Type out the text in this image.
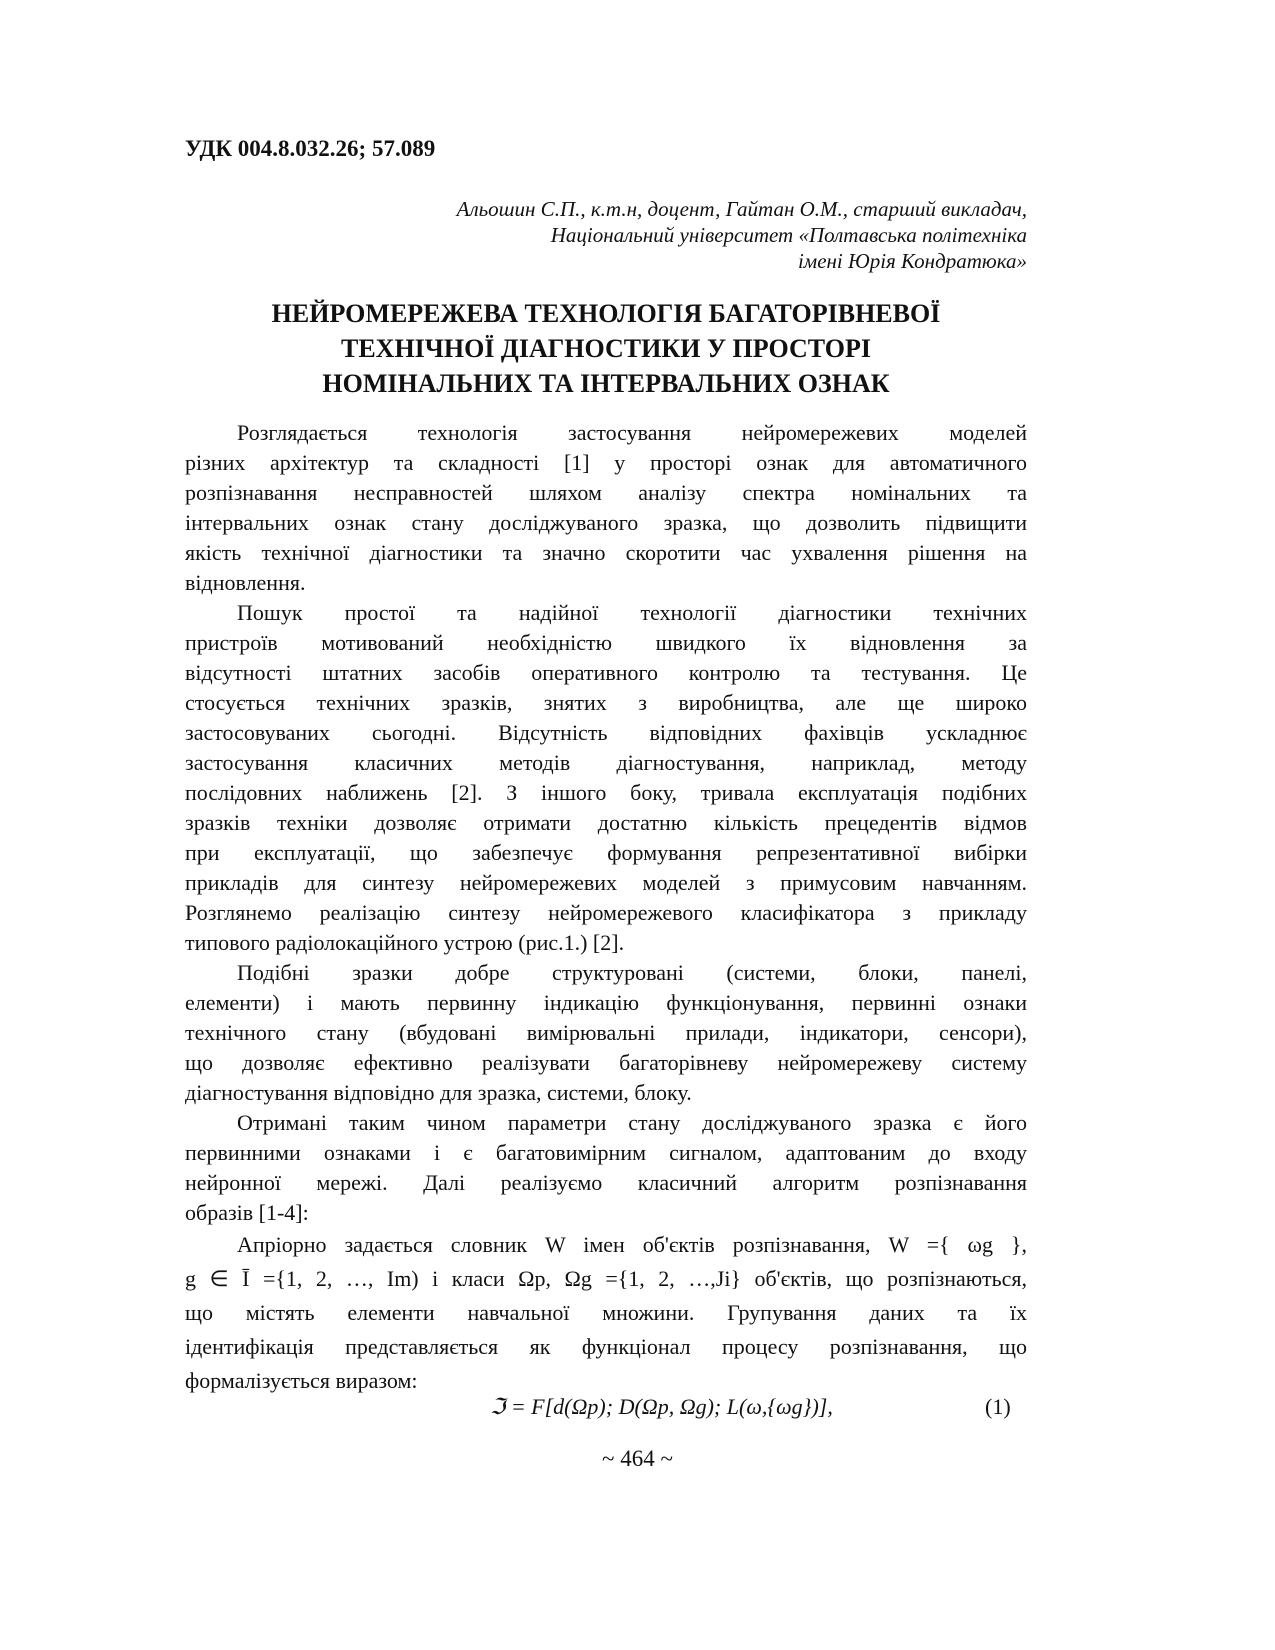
УДК 004.8.032.26; 57.089
Альошин С.П., к.т.н, доцент, Гайтан О.М., старший викладач,
Національний університет «Полтавська політехніка
імені Юрія Кондратюка»
НЕЙРОМЕРЕЖЕВА ТЕХНОЛОГІЯ БАГАТОРІВНЕВОЇ
ТЕХНІЧНОЇ ДІАГНОСТИКИ У ПРОСТОРІ
НОМІНАЛЬНИХ ТА ІНТЕРВАЛЬНИХ ОЗНАК
Розглядається технологія застосування нейромережевих моделей
різних архітектур та складності [1] у просторі ознак для автоматичного
розпізнавання несправностей шляхом аналізу спектра номінальних та
інтервальних ознак стану досліджуваного зразка, що дозволить підвищити
якість технічної діагностики та значно скоротити час ухвалення рішення на
відновлення.
Пошук простої та надійної технології діагностики технічних
пристроїв мотивований необхідністю швидкого їх відновлення за
відсутності штатних засобів оперативного контролю та тестування. Це
стосується технічних зразків, знятих з виробництва, але ще широко
застосовуваних сьогодні. Відсутність відповідних фахівців ускладнює
застосування класичних методів діагностування, наприклад, методу
послідовних наближень [2]. З іншого боку, тривала експлуатація подібних
зразків техніки дозволяє отримати достатню кількість прецедентів відмов
при експлуатації, що забезпечує формування репрезентативної вибірки
прикладів для синтезу нейромережевих моделей з примусовим навчанням.
Розглянемо реалізацію синтезу нейромережевого класифікатора з прикладу
типового радіолокаційного устрою (рис.1.) [2].
Подібні зразки добре структуровані (системи, блоки, панелі,
елементи) і мають первинну індикацію функціонування, первинні ознаки
технічного стану (вбудовані вимірювальні прилади, індикатори, сенсори),
що дозволяє ефективно реалізувати багаторівневу нейромережеву систему
діагностування відповідно для зразка, системи, блоку.
Отримані таким чином параметри стану досліджуваного зразка є його
первинними ознаками і є багатовимірним сигналом, адаптованим до входу
нейронної мережі. Далі реалізуємо класичний алгоритм розпізнавання
образів [1-4]:
Апріорно задається словник W імен об'єктів розпізнавання, W ={ ωg },
g ∈ Ī ={1, 2, …, Im) і класи Ωp, Ωg ={1, 2, …,Ji} об'єктів, що розпізнаються,
що містять елементи навчальної множини. Групування даних та їх
ідентифікація представляється як функціонал процесу розпізнавання, що
формалізується виразом:
ℑ = F[d(Ωp); D(Ωp, Ωg); L(ω,{ωg})],	(1)
~ 464 ~
